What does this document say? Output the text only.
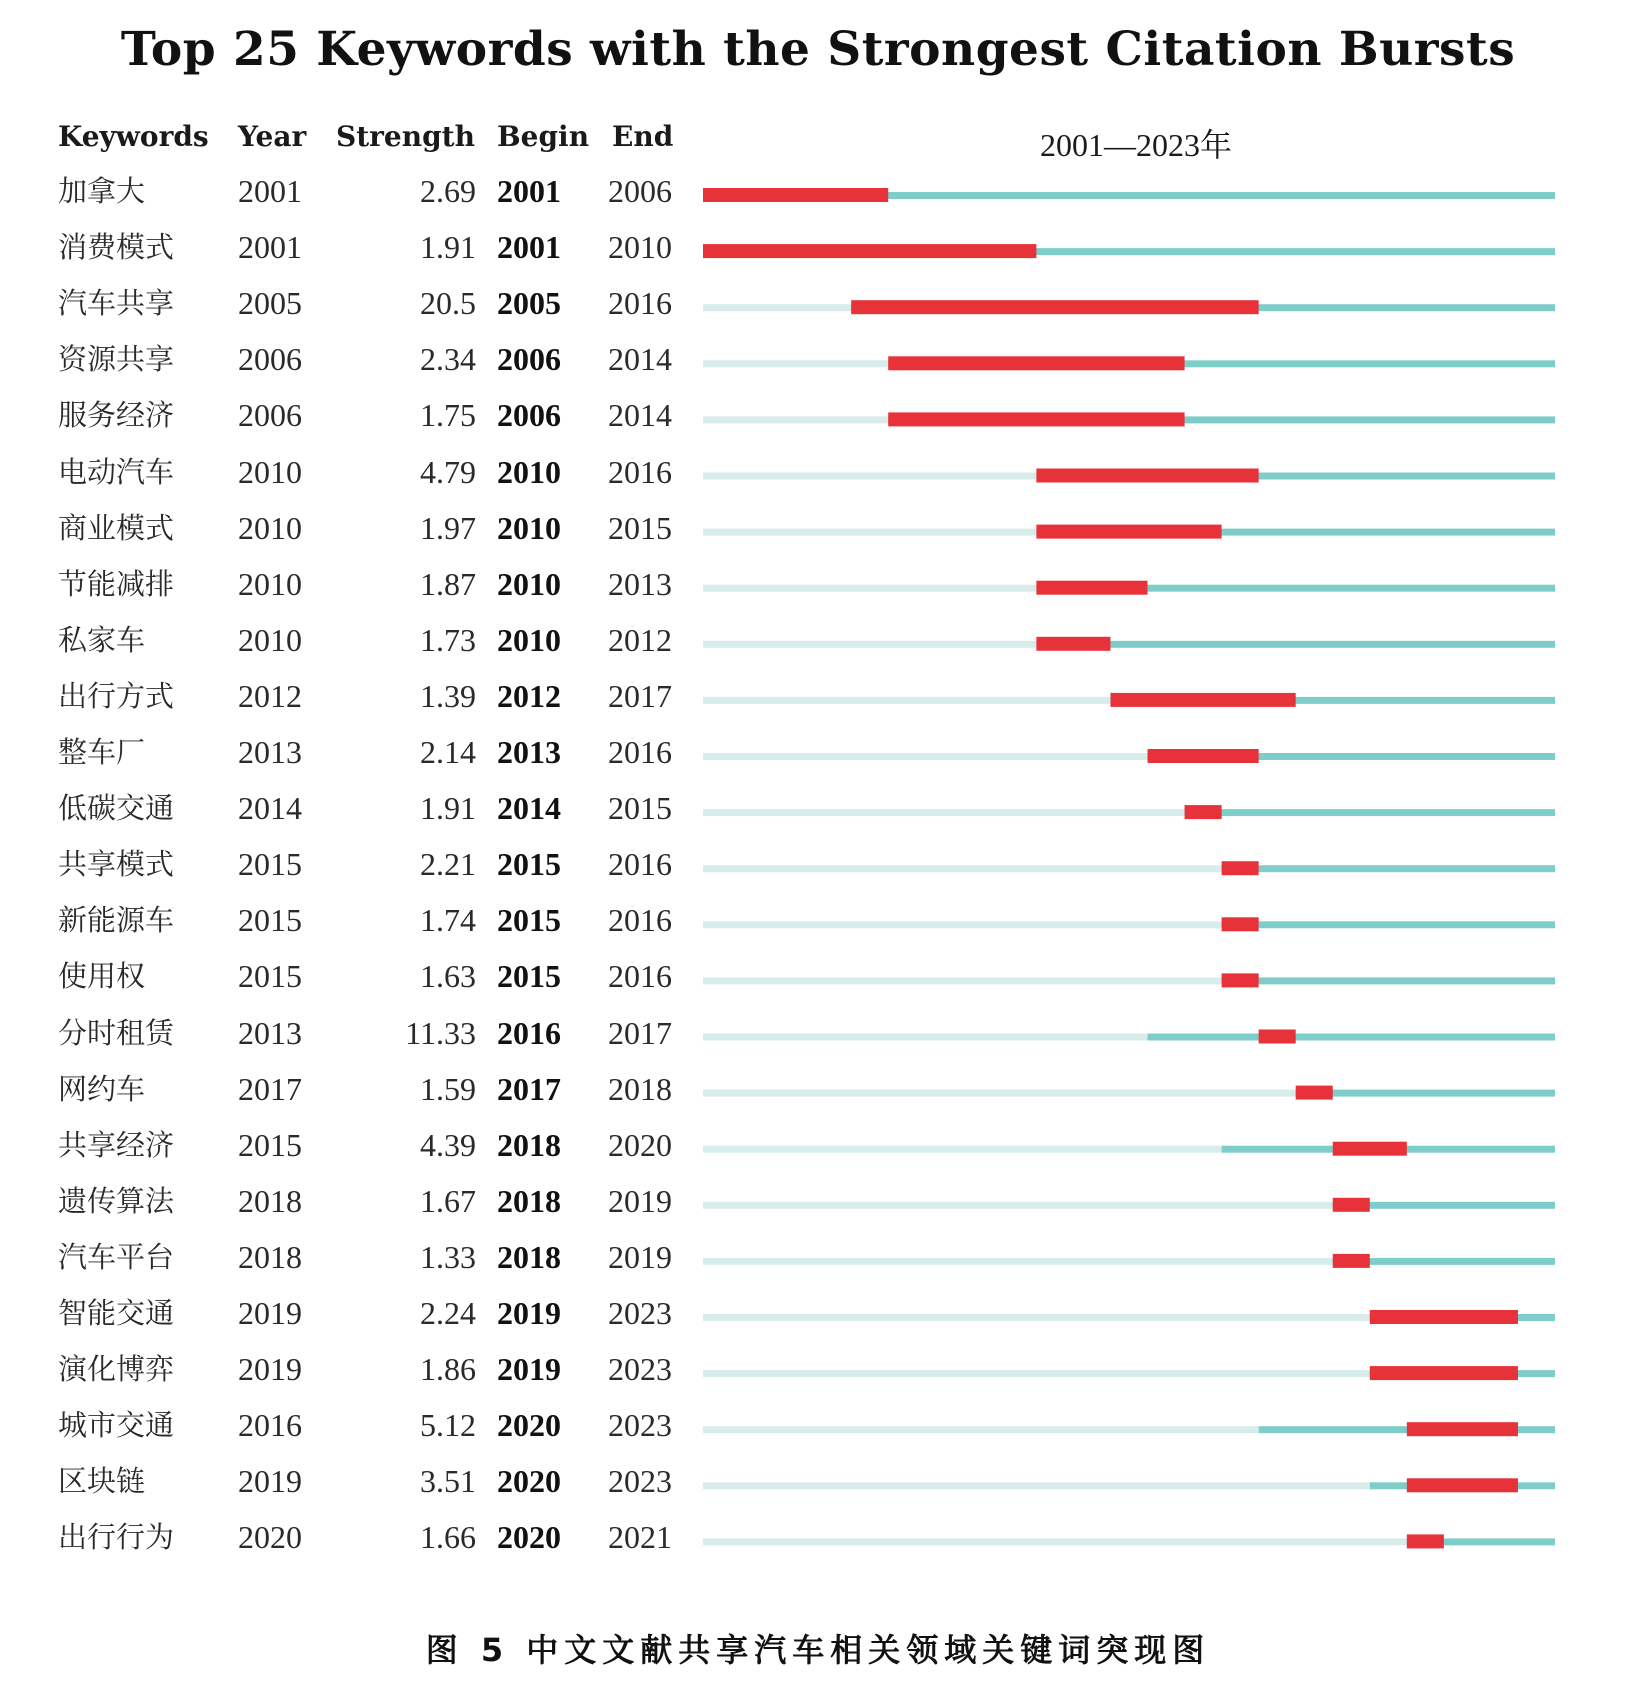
Top 25 Keywords with the Strongest Citation Bursts
Keywords Year Strength Begin End	2001—2023年
加拿大	2001	2.69 2001 2006
消费模式 2001	1.91 2001 2010
汽车共享 2005	20.5 2005 2016
资源共享 2006	2.34 2006 2014
服务经济 2006	1.75 2006 2014
电动汽车 2010	4.79 2010 2016
商业模式 2010	1.97 2010 2015
节能减排 2010	1.87 2010 2013
私家车	2010	1.73 2010 2012
出行方式 2012	1.39 2012 2017
整车厂	2013	2.14 2013 2016
低碳交通 2014	1.91 2014 2015
共享模式 2015	2.21 2015 2016
新能源车 2015	1.74 2015 2016
使用权	2015	1.63 2015 2016
分时租赁 2013	11.33 2016 2017
网约车	2017	1.59 2017 2018
共享经济 2015	4.39 2018 2020
遗传算法 2018	1.67 2018 2019
汽车平台 2018	1.33 2018 2019
智能交通 2019	2.24 2019 2023
演化博弈 2019	1.86 2019 2023
城市交通 2016	5.12 2020 2023
区块链	2019	3.51 2020 2023
出行行为 2020	1.66 2020 2021
图 5 中文文献共享汽车相关领域关键词突现图
